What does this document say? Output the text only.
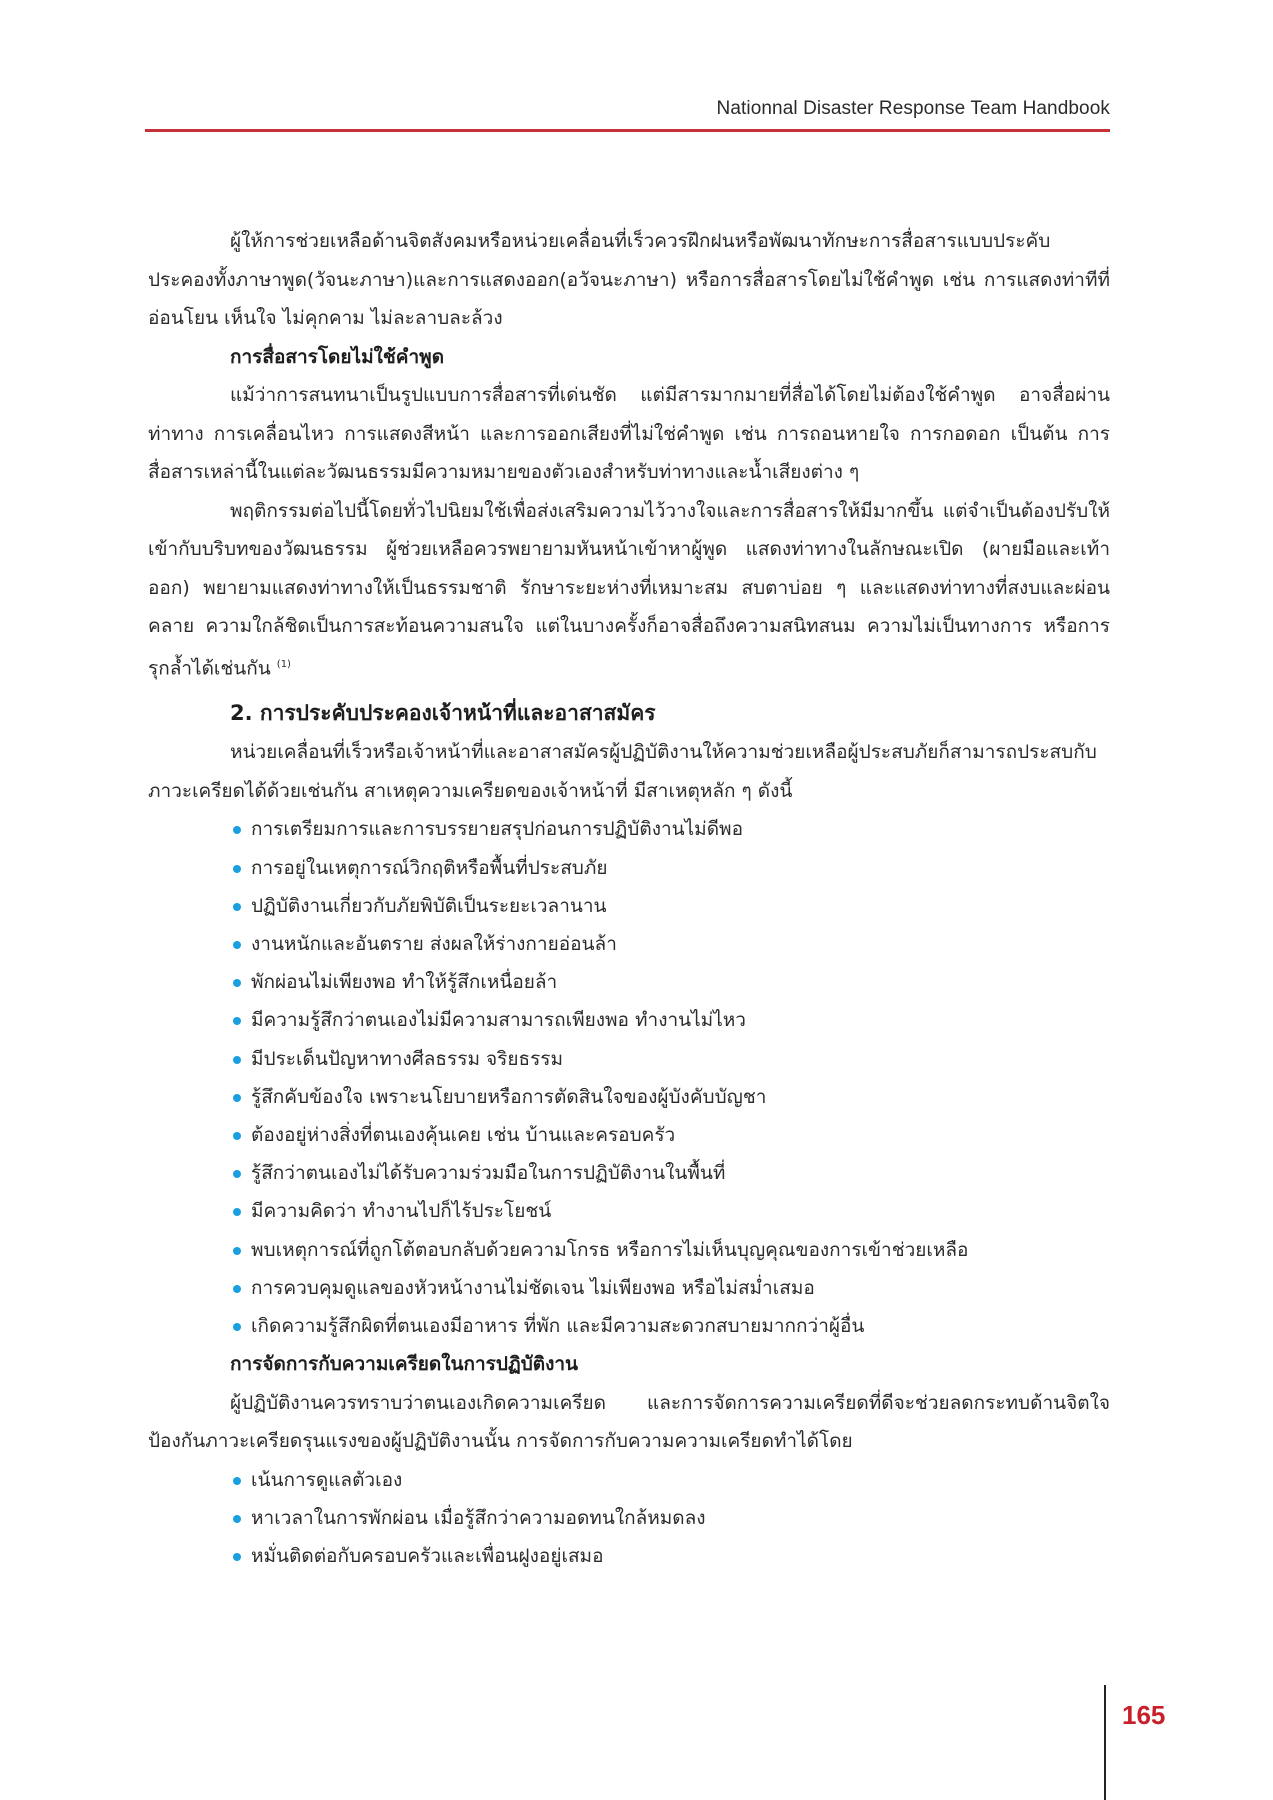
Nationnal Disaster Response Team Handbook

ผู้ให้การช่วยเหลือด้านจิตสังคมหรือหน่วยเคลื่อนที่เร็วควรฝึกฝนหรือพัฒนาทักษะการสื่อสารแบบประคับประคองทั้งภาษาพูด(วัจนะภาษา)และการแสดงออก(อวัจนะภาษา) หรือการสื่อสารโดยไม่ใช้คำพูด เช่น การแสดงท่าทีที่อ่อนโยน เห็นใจ ไม่คุกคาม ไม่ละลาบละล้วง

การสื่อสารโดยไม่ใช้คำพูด

แม้ว่าการสนทนาเป็นรูปแบบการสื่อสารที่เด่นชัด แต่มีสารมากมายที่สื่อได้โดยไม่ต้องใช้คำพูด อาจสื่อผ่านท่าทาง การเคลื่อนไหว การแสดงสีหน้า และการออกเสียงที่ไม่ใช่คำพูด เช่น การถอนหายใจ การกอดอก เป็นต้น การสื่อสารเหล่านี้ในแต่ละวัฒนธรรมมีความหมายของตัวเองสำหรับท่าทางและน้ำเสียงต่าง ๆ

พฤติกรรมต่อไปนี้โดยทั่วไปนิยมใช้เพื่อส่งเสริมความไว้วางใจและการสื่อสารให้มีมากขึ้น แต่จำเป็นต้องปรับให้เข้ากับบริบทของวัฒนธรรม ผู้ช่วยเหลือควรพยายามหันหน้าเข้าหาผู้พูด แสดงท่าทางในลักษณะเปิด (ผายมือและเท้าออก) พยายามแสดงท่าทางให้เป็นธรรมชาติ รักษาระยะห่างที่เหมาะสม สบตาบ่อย ๆ และแสดงท่าทางที่สงบและผ่อนคลาย ความใกล้ชิดเป็นการสะท้อนความสนใจ แต่ในบางครั้งก็อาจสื่อถึงความสนิทสนม ความไม่เป็นทางการ หรือการรุกล้ำได้เช่นกัน $^{(1)}$

2. การประคับประคองเจ้าหน้าที่และอาสาสมัคร

หน่วยเคลื่อนที่เร็วหรือเจ้าหน้าที่และอาสาสมัครผู้ปฏิบัติงานให้ความช่วยเหลือผู้ประสบภัยก็สามารถประสบกับภาวะเครียดได้ด้วยเช่นกัน สาเหตุความเครียดของเจ้าหน้าที่ มีสาเหตุหลัก ๆ ดังนี้

การเตรียมการและการบรรยายสรุปก่อนการปฏิบัติงานไม่ดีพอ
การอยู่ในเหตุการณ์วิกฤติหรือพื้นที่ประสบภัย
ปฏิบัติงานเกี่ยวกับภัยพิบัติเป็นระยะเวลานาน
งานหนักและอันตราย ส่งผลให้ร่างกายอ่อนล้า
พักผ่อนไม่เพียงพอ ทำให้รู้สึกเหนื่อยล้า
มีความรู้สึกว่าตนเองไม่มีความสามารถเพียงพอ ทำงานไม่ไหว
มีประเด็นปัญหาทางศีลธรรม จริยธรรม
รู้สึกคับข้องใจ เพราะนโยบายหรือการตัดสินใจของผู้บังคับบัญชา
ต้องอยู่ห่างสิ่งที่ตนเองคุ้นเคย เช่น บ้านและครอบครัว
รู้สึกว่าตนเองไม่ได้รับความร่วมมือในการปฏิบัติงานในพื้นที่
มีความคิดว่า ทำงานไปก็ไร้ประโยชน์
พบเหตุการณ์ที่ถูกโต้ตอบกลับด้วยความโกรธ หรือการไม่เห็นบุญคุณของการเข้าช่วยเหลือ
การควบคุมดูแลของหัวหน้างานไม่ชัดเจน ไม่เพียงพอ หรือไม่สม่ำเสมอ
เกิดความรู้สึกผิดที่ตนเองมีอาหาร ที่พัก และมีความสะดวกสบายมากกว่าผู้อื่น

การจัดการกับความเครียดในการปฏิบัติงาน

ผู้ปฏิบัติงานควรทราบว่าตนเองเกิดความเครียด และการจัดการความเครียดที่ดีจะช่วยลดกระทบด้านจิตใจ ป้องกันภาวะเครียดรุนแรงของผู้ปฏิบัติงานนั้น การจัดการกับความความเครียดทำได้โดย

เน้นการดูแลตัวเอง
หาเวลาในการพักผ่อน เมื่อรู้สึกว่าความอดทนใกล้หมดลง
หมั่นติดต่อกับครอบครัวและเพื่อนฝูงอยู่เสมอ
165
